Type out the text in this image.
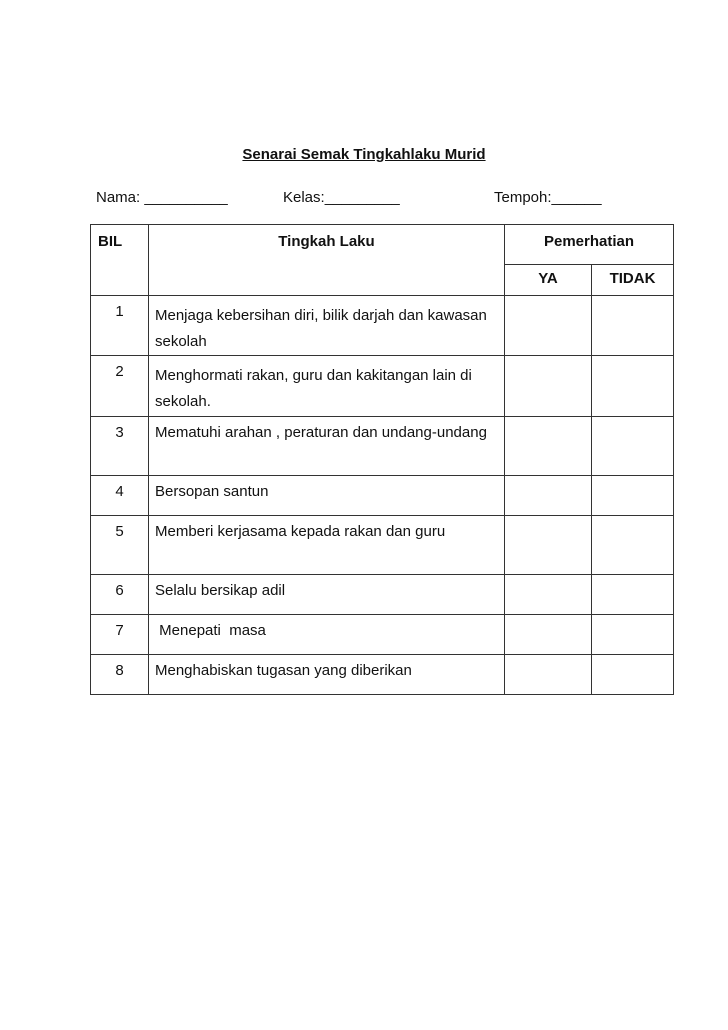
Senarai Semak Tingkahlaku Murid
Nama: __________	Kelas:_________	Tempoh:______
BIL	Tingkah Laku	Pemerhatian	
		YA	TIDAK
1	Menjaga kebersihan diri, bilik darjah dan kawasan sekolah		
2	Menghormati rakan, guru dan kakitangan lain di sekolah.		
3	Mematuhi arahan , peraturan dan undang-undang		
4	Bersopan santun		
5	Memberi kerjasama kepada rakan dan guru		
6	Selalu bersikap adil		
7	Menepati  masa		
8	Menghabiskan tugasan yang diberikan		
